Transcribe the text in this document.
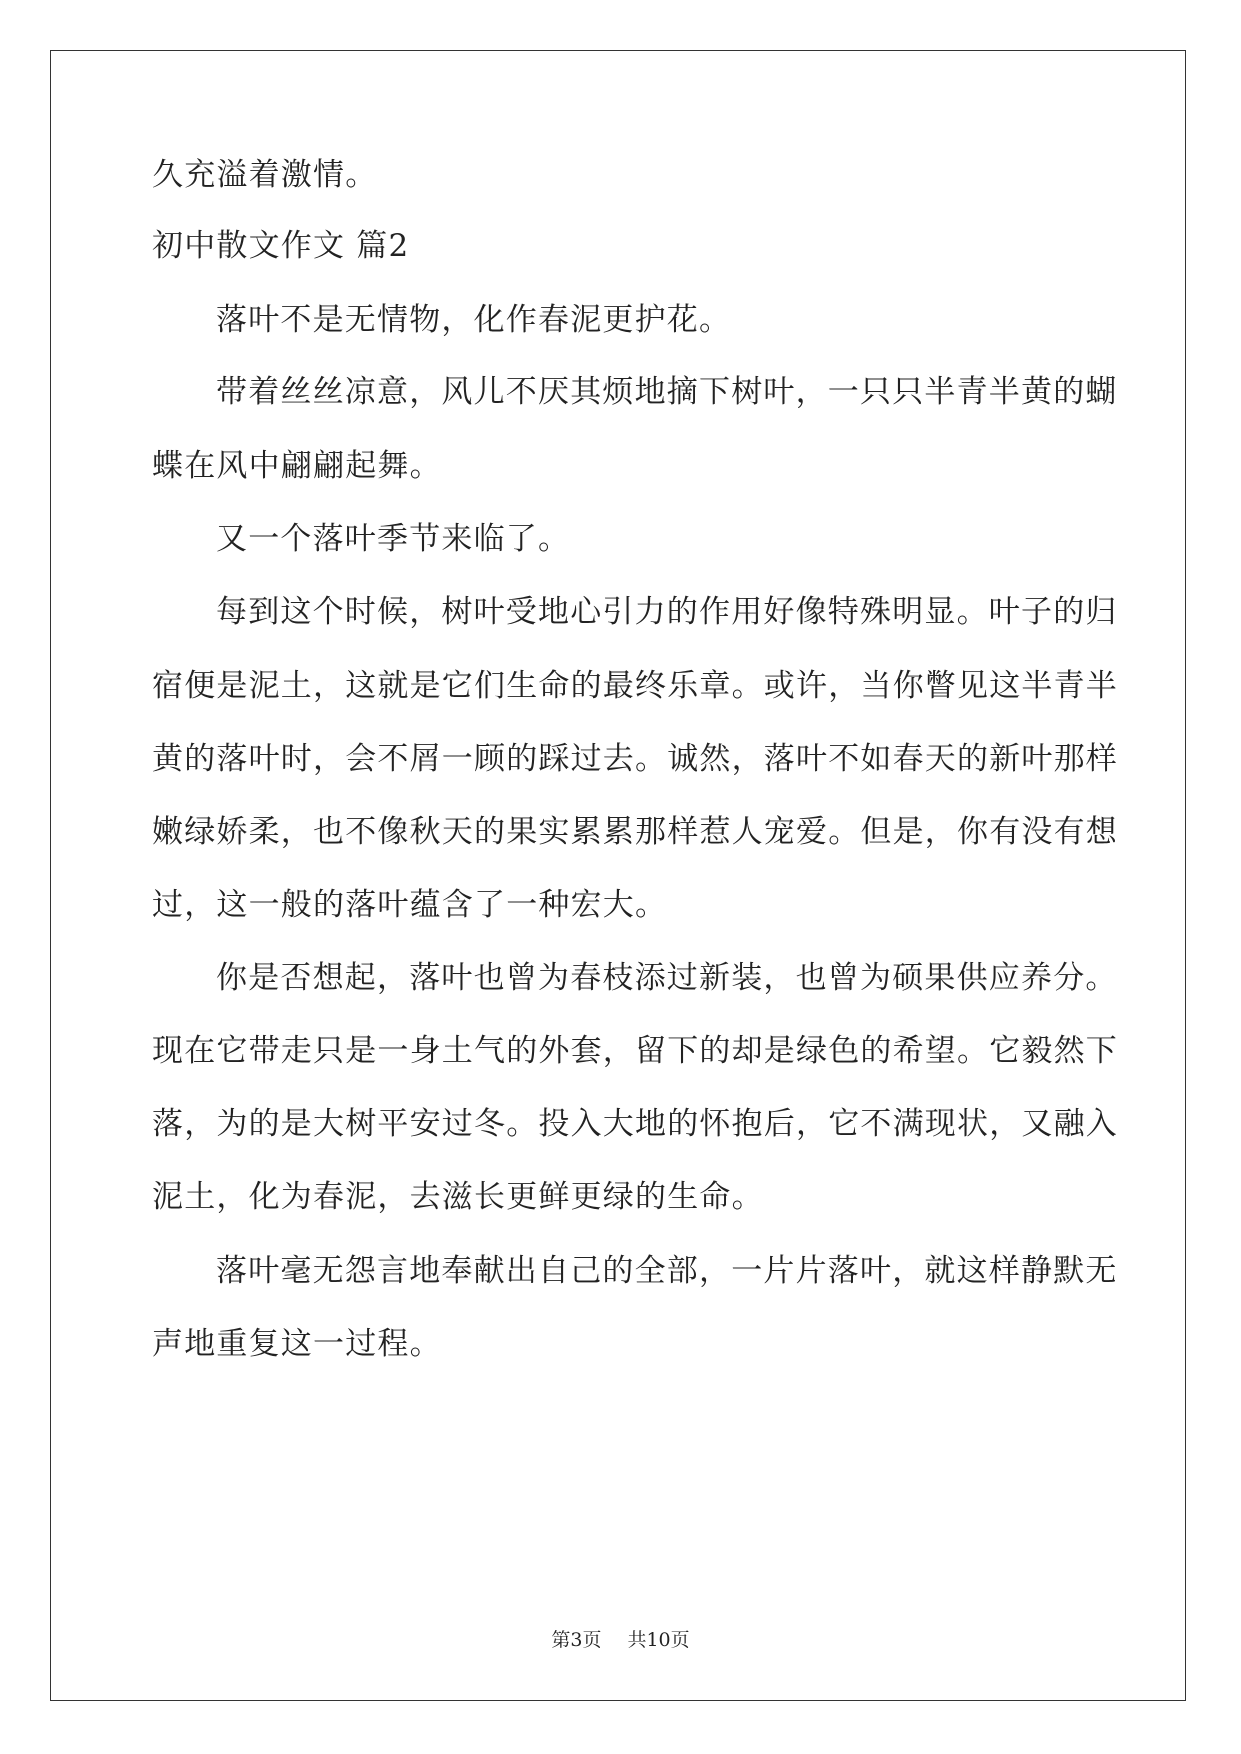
久充溢着激情。
初中散文作文 篇2
落叶不是无情物，化作春泥更护花。
带着丝丝凉意，风儿不厌其烦地摘下树叶，一只只半青半黄的蝴
蝶在风中翩翩起舞。
又一个落叶季节来临了。
每到这个时候，树叶受地心引力的作用好像特殊明显。叶子的归
宿便是泥土，这就是它们生命的最终乐章。或许，当你瞥见这半青半
黄的落叶时，会不屑一顾的踩过去。诚然，落叶不如春天的新叶那样
嫩绿娇柔，也不像秋天的果实累累那样惹人宠爱。但是，你有没有想
过，这一般的落叶蕴含了一种宏大。
你是否想起，落叶也曾为春枝添过新装，也曾为硕果供应养分。
现在它带走只是一身土气的外套，留下的却是绿色的希望。它毅然下
落，为的是大树平安过冬。投入大地的怀抱后，它不满现状，又融入
泥土，化为春泥，去滋长更鲜更绿的生命。
落叶毫无怨言地奉献出自己的全部，一片片落叶，就这样静默无
声地重复这一过程。
第3页 共10页
